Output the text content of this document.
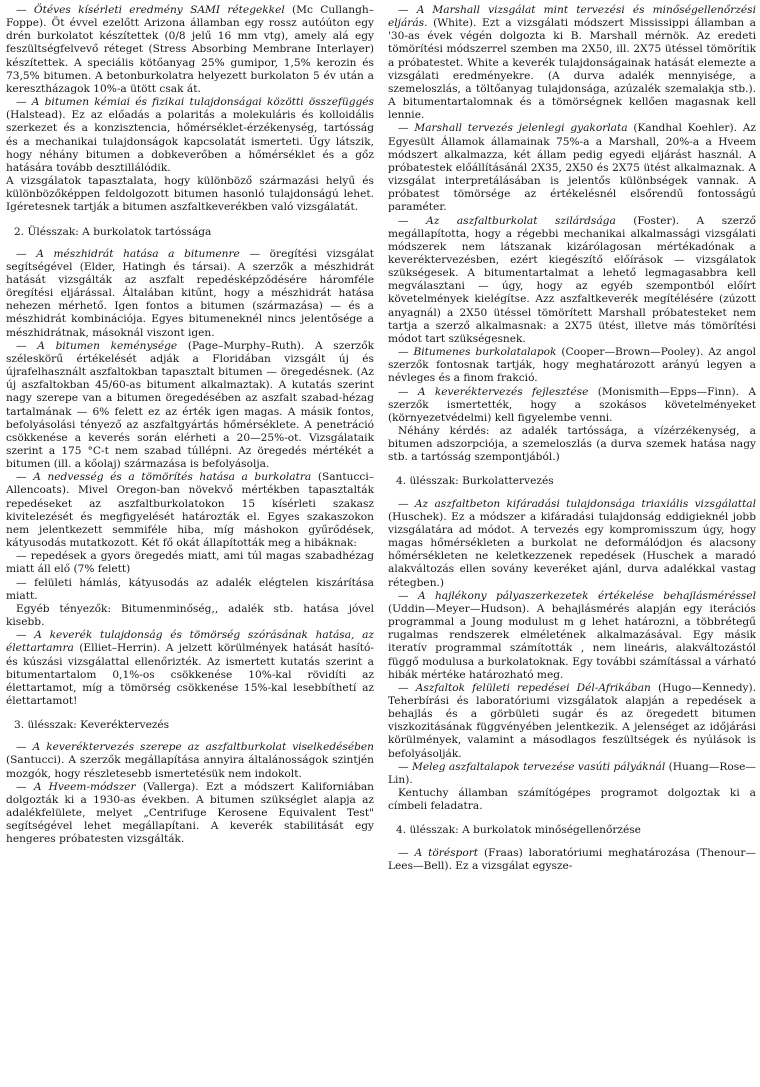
— Ötéves kísérleti eredmény SAMI rétegekkel (Mc Cullangh–Foppe). Öt évvel ezelőtt Arizona államban egy rossz autóúton egy drén burkolatot készítettek (0/8 jelű 16 mm vtg), amely alá egy feszültségfelvevő réteget (Stress Absorbing Membrane Interlayer) készítettek. A speciális kötőanyag 25% gumipor, 1,5% kerozin és 73,5% bitumen. A betonburkolatra helyezett burkolaton 5 év után a keresztházagok 10%-a ütött csak át.

— A bitumen kémiai és fizikai tulajdonságai közötti összefüggés (Halstead). Ez az előadás a polaritás a molekuláris és kolloidális szerkezet és a konzisztencia, hőmérséklet-érzékenység, tartósság és a mechanikai tulajdonságok kapcsolatát ismerteti. Úgy látszik, hogy néhány bitumen a dobkeverőben a hőmérséklet és a gőz hatására tovább desztillálódik.

A vizsgálatok tapasztalata, hogy különböző származási helyű és különbözőképpen feldolgozott bitumen hasonló tulajdonságú lehet. Igéretesnek tartják a bitumen aszfaltkeverékben való vizsgálatát.

2. Ülésszak: A burkolatok tartóssága

— A mészhidrát hatása a bitumenre — öregítési vizsgálat segítségével (Elder, Hatingh és társai). A szerzők a mészhidrát hatását vizsgálták az aszfalt repedésképződésére háromféle öregítési eljárással. Általában kitűnt, hogy a mészhidrát hatása nehezen mérhető. Igen fontos a bitumen (származása) — és a mészhidrát kombinációja. Egyes bitumeneknél nincs jelentősége a mészhidrátnak, másoknál viszont igen.

— A bitumen keménysége (Page–Murphy–Ruth). A szerzők széleskörű értékelését adják a Floridában vizsgált új és újrafelhasznált aszfaltokban tapasztalt bitumen — öregedésnek. (Az új aszfaltokban 45/60-as bitument alkalmaztak). A kutatás szerint nagy szerepe van a bitumen öregedésében az aszfalt szabad-hézag tartalmának — 6% felett ez az érték igen magas. A másik fontos, befolyásolási tényező az aszfaltgyártás hőmérséklete. A penetráció csökkenése a keverés során elérheti a 20—25%-ot. Vizsgálataik szerint a 175 °C-t nem szabad túllépni. Az öregedés mértékét a bitumen (ill. a kőolaj) származása is befolyásolja.

— A nedvesség és a tömörítés hatása a burkolatra (Santucci–Allencoats). Mivel Oregon-ban növekvő mértékben tapasztalták repedéseket az aszfaltburkolatokon 15 kísérleti szakasz kivitelezését és megfigyelését határozták el. Egyes szakaszokon nem jelentkezett semmiféle hiba, míg máshokon gyűrődések, kátyusodás mutatkozott. Két fő okát állapították meg a hibáknak:

— repedések a gyors öregedés miatt, ami túl magas szabadhézag miatt áll elő (7% felett)

— felületi hámlás, kátyusodás az adalék elégtelen kiszárítása miatt.

Egyéb tényezők: Bitumenminőség,, adalék stb. hatása jóvel kisebb.

— A keverék tulajdonság és tömörség szórásának hatása, az élettartamra (Elliet–Herrin). A jelzett körülmények hatását hasító- és kúszási vizsgálattal ellenőrizték. Az ismertett kutatás szerint a bitumentartalom 0,1%-os csökkenése 10%-kal rövidíti az élettartamot, míg a tömörség csökkenése 15%-kal lesebbíthetí az élettartamot!

3. ülésszak: Keveréktervezés

— A keveréktervezés szerepe az aszfaltburkolat viselkedésében (Santucci). A szerzők megállapítása annyira általánosságok szintjén mozgók, hogy részletesebb ismertetésük nem indokolt.

— A Hveem-módszer (Vallerga). Ezt a módszert Kaliforniában dolgozták ki a 1930-as években. A bitumen szükséglet alapja az adalékfelülete, melyet „Centrifuge Kerosene Equivalent Test" segítségével lehet megállapítani. A keverék stabilitását egy hengeres próbatesten vizsgálták.

— A Marshall vizsgálat mint tervezési és minőségellenőrzési eljárás. (White). Ezt a vizsgálati módszert Mississippi államban a '30-as évek végén dolgozta ki B. Marshall mérnök. Az eredeti tömörítési módszerrel szemben ma 2X50, ill. 2X75 ütéssel tömörítik a próbatestet. White a keverék tulajdonságainak hatását elemezte a vizsgálati eredményekre. (A durva adalék mennyisége, a szemeloszlás, a töltőanyag tulajdonsága, azúzalék szemalakja stb.). A bitumentartalomnak és a tömörségnek kellően magasnak kell lennie.

— Marshall tervezés jelenlegi gyakorlata (Kandhal Koehler). Az Egyesült Államok államainak 75%-a a Marshall, 20%-a a Hveem módszert alkalmazza, két állam pedig egyedi eljárást használ. A próbatestek előállításánál 2X35, 2X50 és 2X75 ütést alkalmaznak. A vizsgálat interpretálásában is jelentős különbségek vannak. A próbatest tömörsége az értékelésnél elsőrendű fontosságú paraméter.

— Az aszfaltburkolat szilárdsága (Foster). A szerző megállapította, hogy a régebbi mechanikai alkalmassági vizsgálati módszerek nem látszanak kizárólagosan mértékadónak a keveréktervezésben, ezért kiegészítő előírások — vizsgálatok szükségesek. A bitumentartalmat a lehető legmagasabbra kell megválasztani — úgy, hogy az egyéb szempontból előírt követelmények kielégítse. Azz aszfaltkeverék megítélésére (zúzott anyagnál) a 2X50 ütéssel tömörített Marshall próbatesteket nem tartja a szerző alkalmasnak: a 2X75 ütést, illetve más tömörítési módot tart szükségesnek.

— Bitumenes burkolatalapok (Cooper—Brown—Pooley). Az angol szerzők fontosnak tartják, hogy meghatározott arányú legyen a névleges és a finom frakció.

— A keveréktervezés fejlesztése (Monismith—Epps—Finn). A szerzők ismertették, hogy a szokásos követelményeket (környezetvédelmi) kell figyelembe venni.

Néhány kérdés: az adalék tartóssága, a vízérzékenység, a bitumen adszorpciója, a szemeloszlás (a durva szemek hatása nagy stb. a tartósság szempontjából.)

4. ülésszak: Burkolattervezés

— Az aszfaltbeton kifáradási tulajdonsága triaxiális vizsgálattal (Huschek). Ez a módszer a kifáradási tulajdonság eddigieknél jobb vizsgálatára ad módot. A tervezés egy kompromisszum úgy, hogy magas hőmérsékleten a burkolat ne deformálódjon és alacsony hőmérsékleten ne keletkezzenek repedések (Huschek a maradó alakváltozás ellen sovány keveréket ajánl, durva adalékkal vastag rétegben.)

— A hajlékony pályaszerkezetek értékelése behajlásméréssel (Uddin—Meyer—Hudson). A behajlásmérés alapján egy iterációs programmal a Joung modulust m g lehet határozni, a többrétegű rugalmas rendszerek elméletének alkalmazásával. Egy másik iteratív programmal számították , nem lineáris, alakváltozástól függő modulusa a burkolatoknak. Egy további számítással a várható hibák mértéke határozható meg.

— Aszfaltok felületi repedései Dél-Afrikában (Hugo—Kennedy). Teherbírási és laboratóriumi vizsgálatok alapján a repedések a behajlás és a görbületi sugár és az öregedett bitumen viszkozitásának függvényében jelentkezik. A jelenséget az időjárási körülmények, valamint a másodlagos feszültségek és nyúlások is befolyásolják.

— Meleg aszfaltalapok tervezése vasúti pályáknál (Huang—Rose—Lin).

Kentuchy államban számítógépes programot dolgoztak ki a címbeli feladatra.

4. ülésszak: A burkolatok minőségellenőrzése

— A törésport (Fraas) laboratóriumi meghatározása (Thenour—Lees—Bell). Ez a vizsgálat egysze-
